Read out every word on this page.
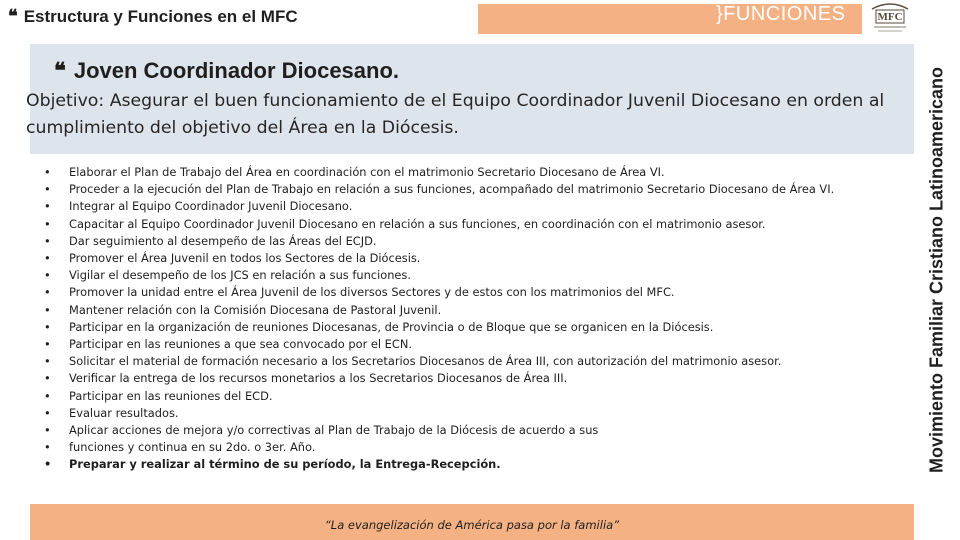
❝ Estructura y Funciones en el MFC	}FUNCIONES	MFC
Movimiento Familiar Cristiano Latinoamericano
❝ Joven Coordinador Diocesano.
Objetivo: Asegurar el buen funcionamiento de el Equipo Coordinador Juvenil Diocesano en orden al cumplimiento del objetivo del Área en la Diócesis.
• Elaborar el Plan de Trabajo del Área en coordinación con el matrimonio Secretario Diocesano de Área VI.
• Proceder a la ejecución del Plan de Trabajo en relación a sus funciones, acompañado del matrimonio Secretario Diocesano de Área VI.
• Integrar al Equipo Coordinador Juvenil Diocesano.
• Capacitar al Equipo Coordinador Juvenil Diocesano en relación a sus funciones, en coordinación con el matrimonio asesor.
• Dar seguimiento al desempeño de las Áreas del ECJD.
• Promover el Área Juvenil en todos los Sectores de la Diócesis.
• Vigilar el desempeño de los JCS en relación a sus funciones.
• Promover la unidad entre el Área Juvenil de los diversos Sectores y de estos con los matrimonios del MFC.
• Mantener relación con la Comisión Diocesana de Pastoral Juvenil.
• Participar en la organización de reuniones Diocesanas, de Provincia o de Bloque que se organicen en la Diócesis.
• Participar en las reuniones a que sea convocado por el ECN.
• Solicitar el material de formación necesario a los Secretarios Diocesanos de Área III, con autorización del matrimonio asesor.
• Verificar la entrega de los recursos monetarios a los Secretarios Diocesanos de Área III.
• Participar en las reuniones del ECD.
• Evaluar resultados.
• Aplicar acciones de mejora y/o correctivas al Plan de Trabajo de la Diócesis de acuerdo a sus
• funciones y continua en su 2do. o 3er. Año.
• Preparar y realizar al término de su período, la Entrega-Recepción.
“La evangelización de América pasa por la familia”
